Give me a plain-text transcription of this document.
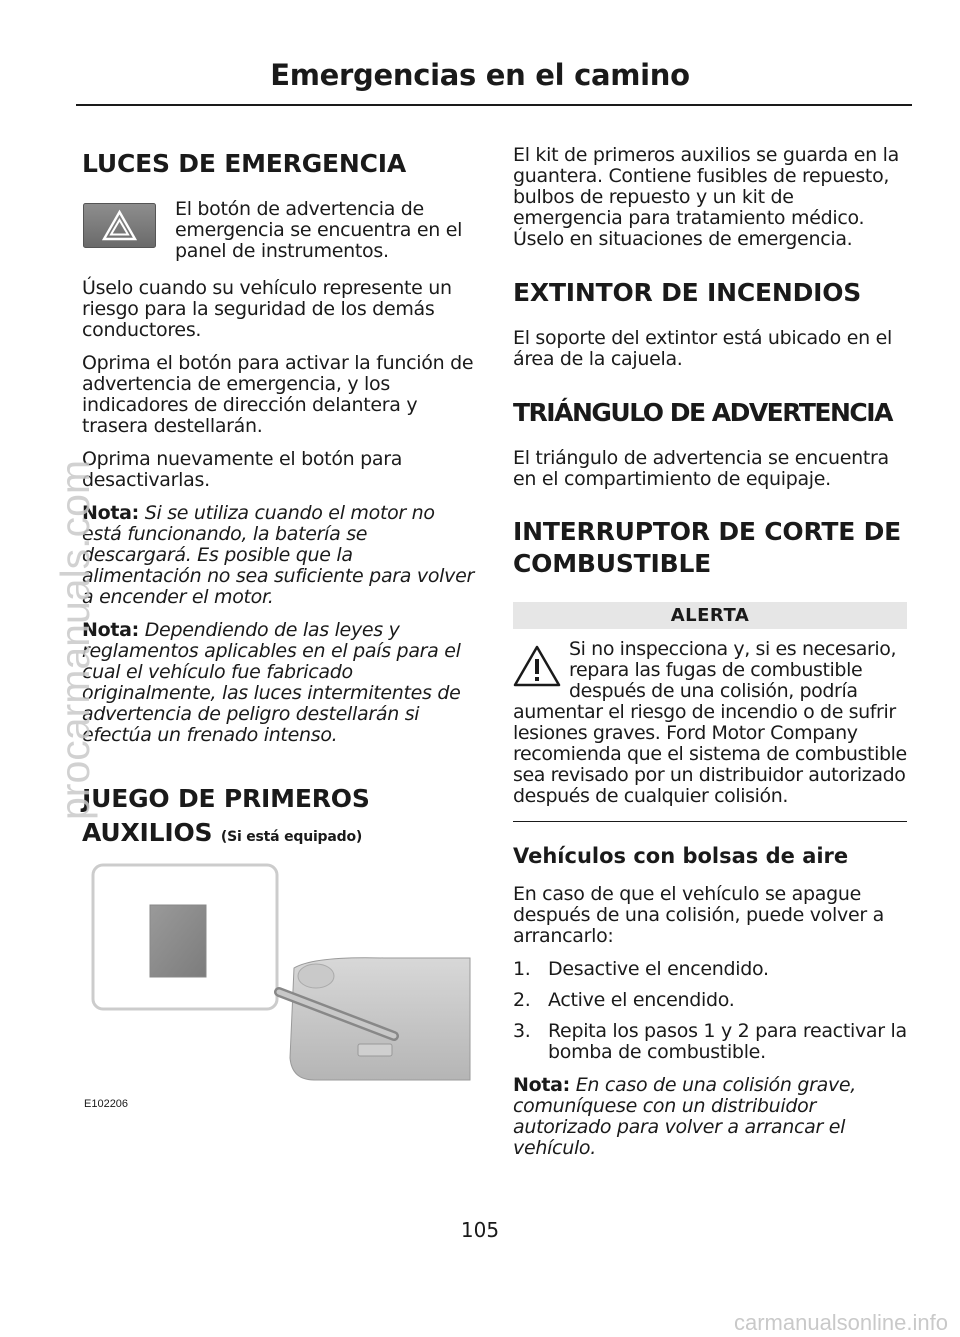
Emergencias en el camino
LUCES DE EMERGENCIA
El botón de advertencia de emergencia se encuentra en el panel de instrumentos.

Úselo cuando su vehículo represente un riesgo para la seguridad de los demás conductores.

Oprima el botón para activar la función de advertencia de emergencia, y los indicadores de dirección delantera y trasera destellarán.

Oprima nuevamente el botón para desactivarlas.

Nota: Si se utiliza cuando el motor no está funcionando, la batería se descargará. Es posible que la alimentación no sea suficiente para volver a encender el motor.

Nota: Dependiendo de las leyes y reglamentos aplicables en el país para el cual el vehículo fue fabricado originalmente, las luces intermitentes de advertencia de peligro destellarán si efectúa un frenado intenso.

JUEGO DE PRIMEROS
AUXILIOS (Si está equipado)
E102206

El kit de primeros auxilios se guarda en la guantera. Contiene fusibles de repuesto, bulbos de repuesto y un kit de emergencia para tratamiento médico. Úselo en situaciones de emergencia.

EXTINTOR DE INCENDIOS

El soporte del extintor está ubicado en el área de la cajuela.

TRIÁNGULO DE ADVERTENCIA

El triángulo de advertencia se encuentra en el compartimiento de equipaje.

INTERRUPTOR DE CORTE DE
COMBUSTIBLE
ALERTA
Si no inspecciona y, si es necesario, repara las fugas de combustible después de una colisión, podría aumentar el riesgo de incendio o de sufrir lesiones graves. Ford Motor Company recomienda que el sistema de combustible sea revisado por un distribuidor autorizado después de cualquier colisión.
Vehículos con bolsas de aire

En caso de que el vehículo se apague después de una colisión, puede volver a arrancarlo:

1. Desactive el encendido.
2. Active el encendido.
3. Repita los pasos 1 y 2 para reactivar la bomba de combustible.

Nota: En caso de una colisión grave, comuníquese con un distribuidor autorizado para volver a arrancar el vehículo.

105
procarmanuals.com
carmanualsonline.info
